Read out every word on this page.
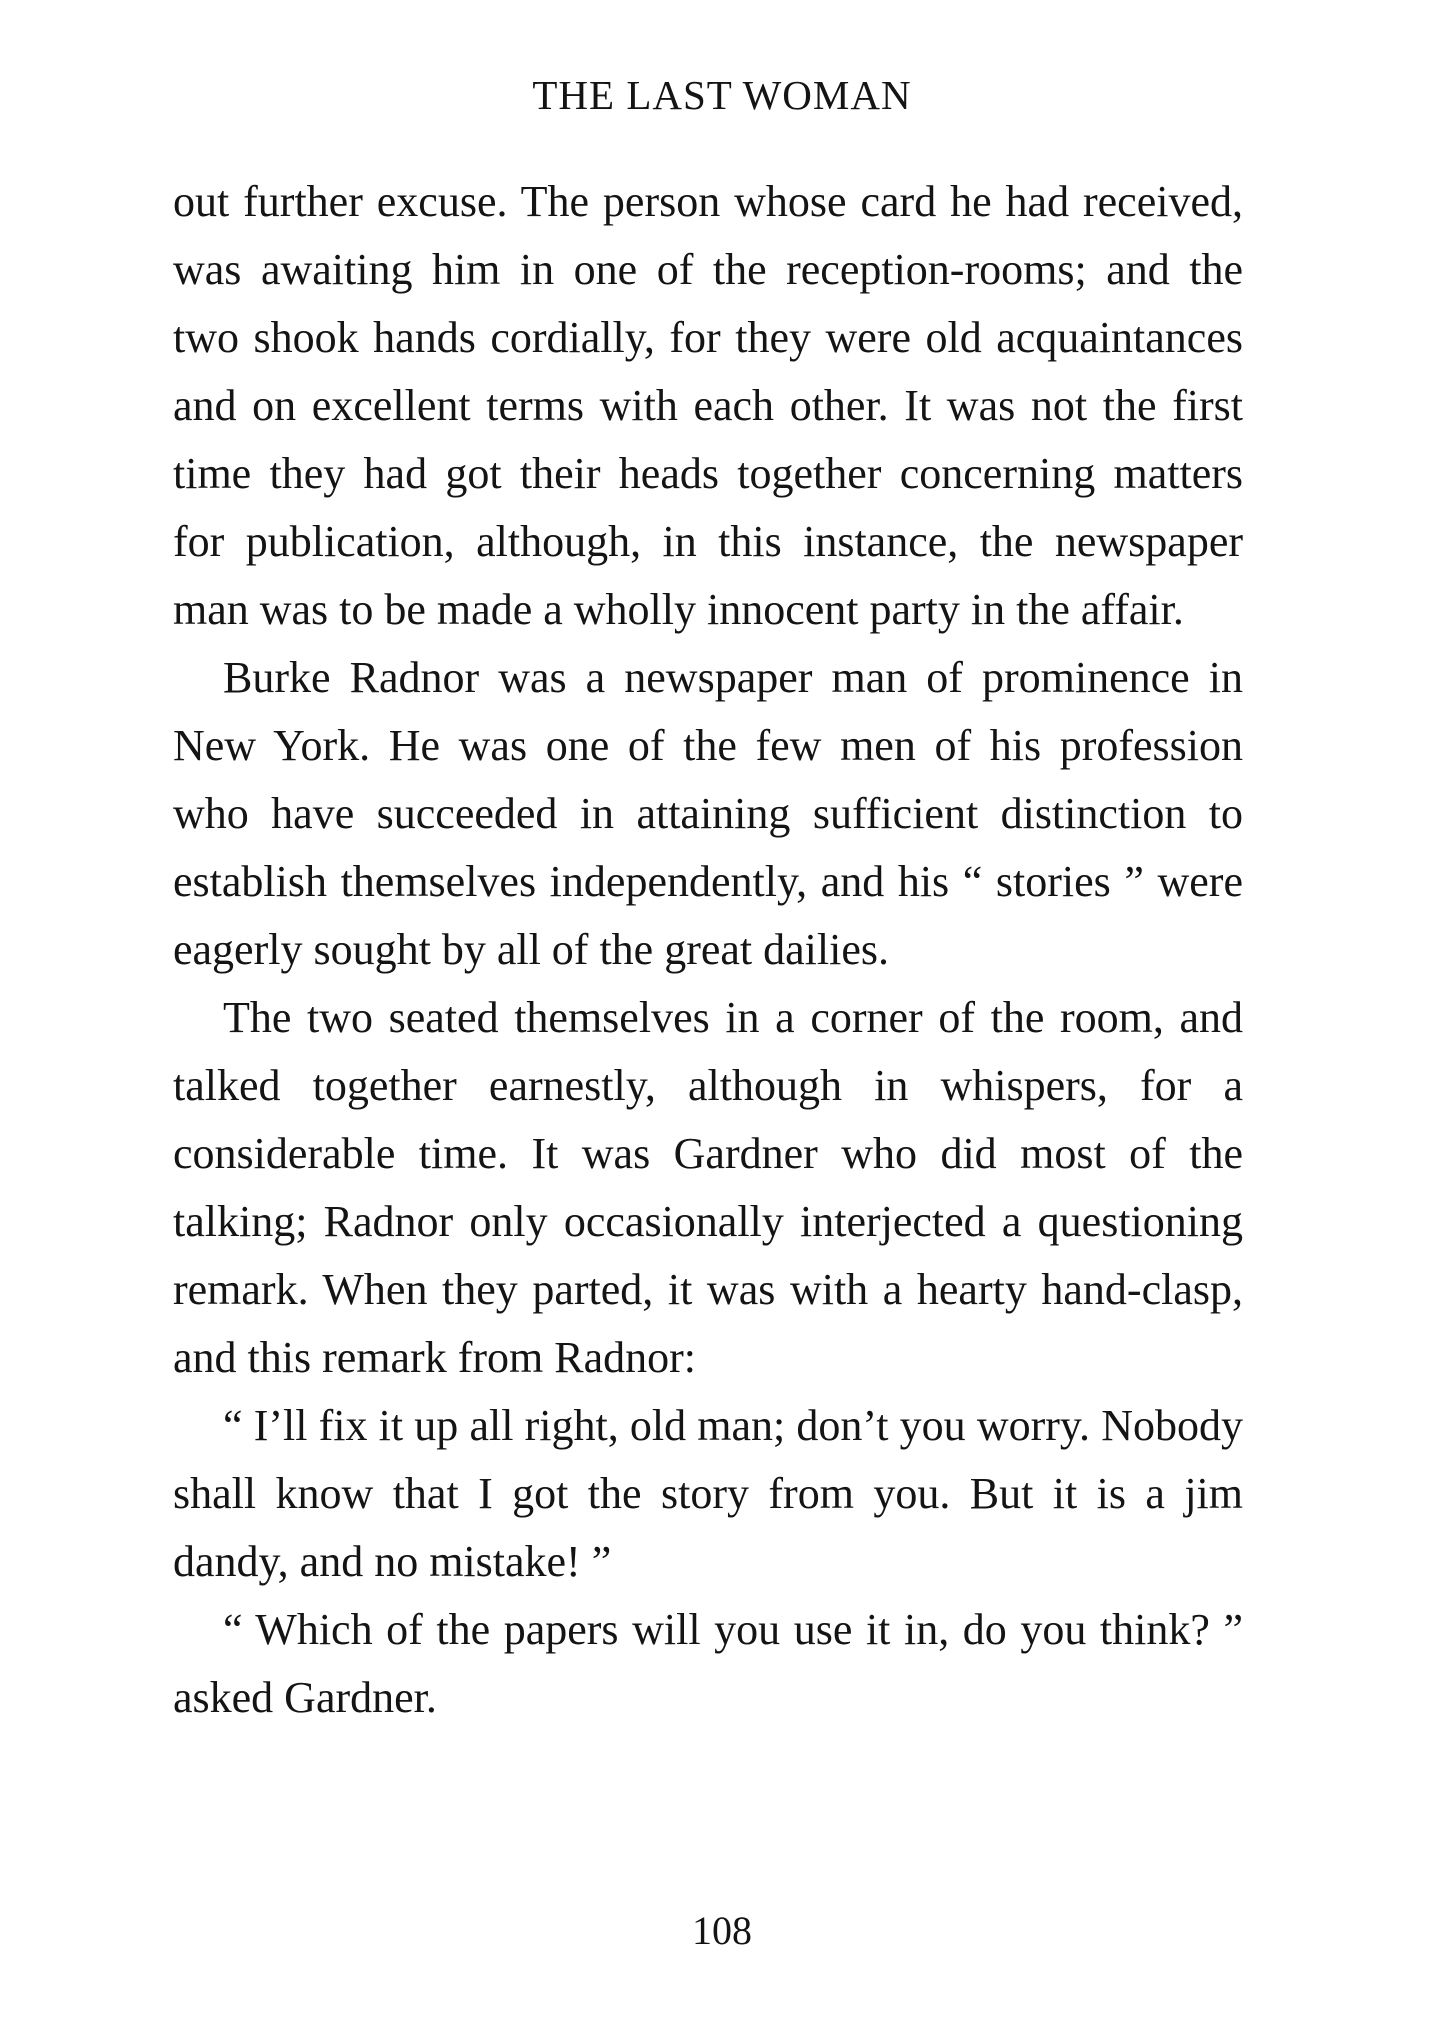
THE LAST WOMAN

out further excuse. The person whose card he had received, was awaiting him in one of the reception-rooms; and the two shook hands cordially, for they were old acquaintances and on excellent terms with each other. It was not the first time they had got their heads together concerning matters for publication, although, in this instance, the newspaper man was to be made a wholly innocent party in the affair.

Burke Radnor was a newspaper man of prominence in New York. He was one of the few men of his profession who have succeeded in attaining sufficient distinction to establish themselves independently, and his “ stories ” were eagerly sought by all of the great dailies.

The two seated themselves in a corner of the room, and talked together earnestly, although in whispers, for a considerable time. It was Gardner who did most of the talking; Radnor only occasionally interjected a questioning remark. When they parted, it was with a hearty hand-clasp, and this remark from Radnor:

“ I’ll fix it up all right, old man; don’t you worry. Nobody shall know that I got the story from you. But it is a jim dandy, and no mistake! ”

“ Which of the papers will you use it in, do you think? ” asked Gardner.

108
